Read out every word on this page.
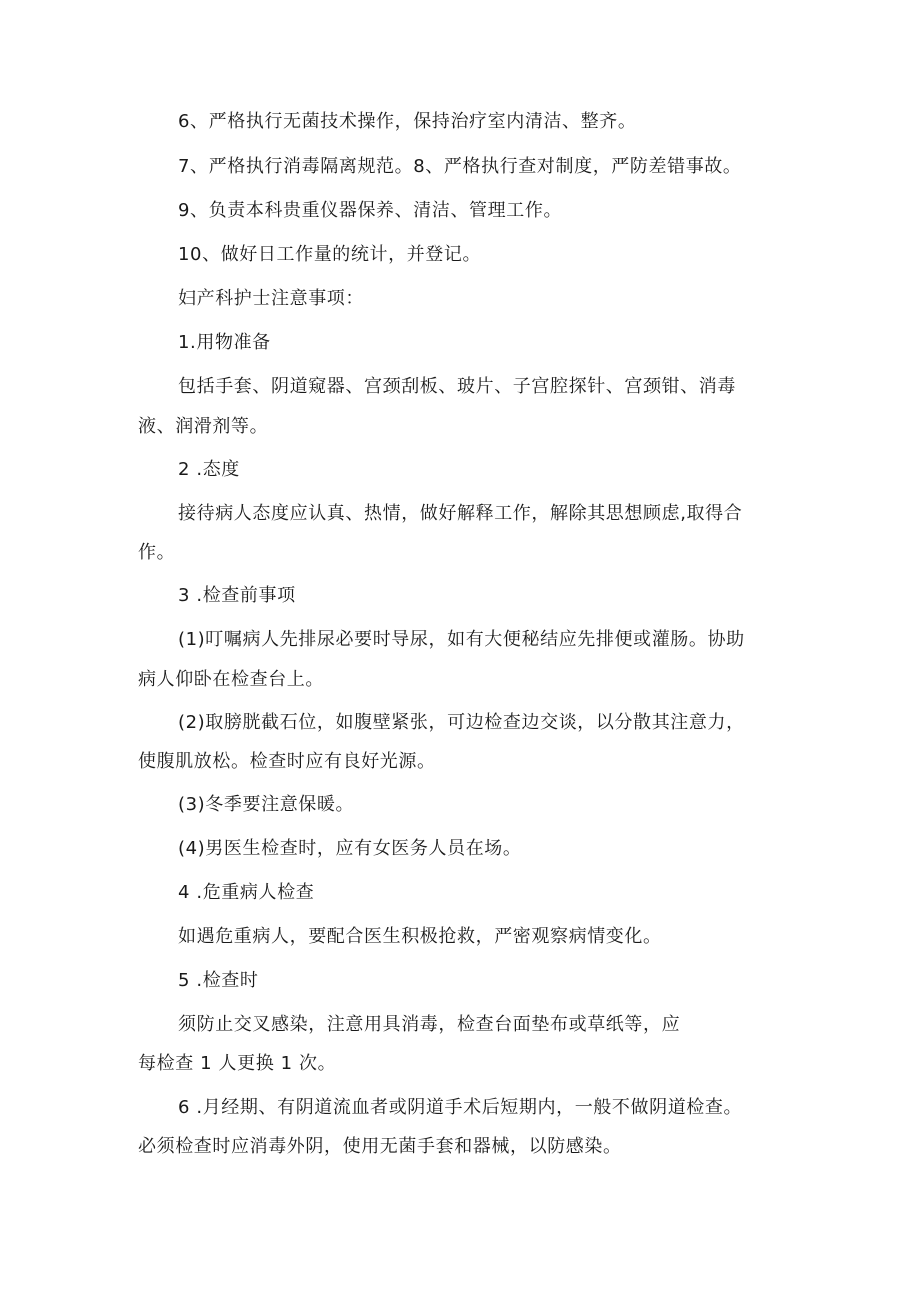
6、严格执行无菌技术操作，保持治疗室内清洁、整齐。

7、严格执行消毒隔离规范。8、严格执行查对制度，严防差错事故。

9、负责本科贵重仪器保养、清洁、管理工作。

10、做好日工作量的统计，并登记。

妇产科护士注意事项：

1.用物准备

包括手套、阴道窥器、宫颈刮板、玻片、子宫腔探针、宫颈钳、消毒

液、润滑剂等。

2 .态度

接待病人态度应认真、热情，做好解释工作，解除其思想顾虑,取得合

作。

3 .检查前事项

(1)叮嘱病人先排尿必要时导尿，如有大便秘结应先排便或灌肠。协助

病人仰卧在检查台上。

(2)取膀胱截石位，如腹壁紧张，可边检查边交谈，以分散其注意力，

使腹肌放松。检查时应有良好光源。

(3)冬季要注意保暖。

(4)男医生检查时，应有女医务人员在场。

4 .危重病人检查

如遇危重病人，要配合医生积极抢救，严密观察病情变化。

5 .检查时

须防止交叉感染，注意用具消毒，检查台面垫布或草纸等，应

每检查 1 人更换 1 次。

6 .月经期、有阴道流血者或阴道手术后短期内，一般不做阴道检查。

必须检查时应消毒外阴，使用无菌手套和器械，以防感染。
